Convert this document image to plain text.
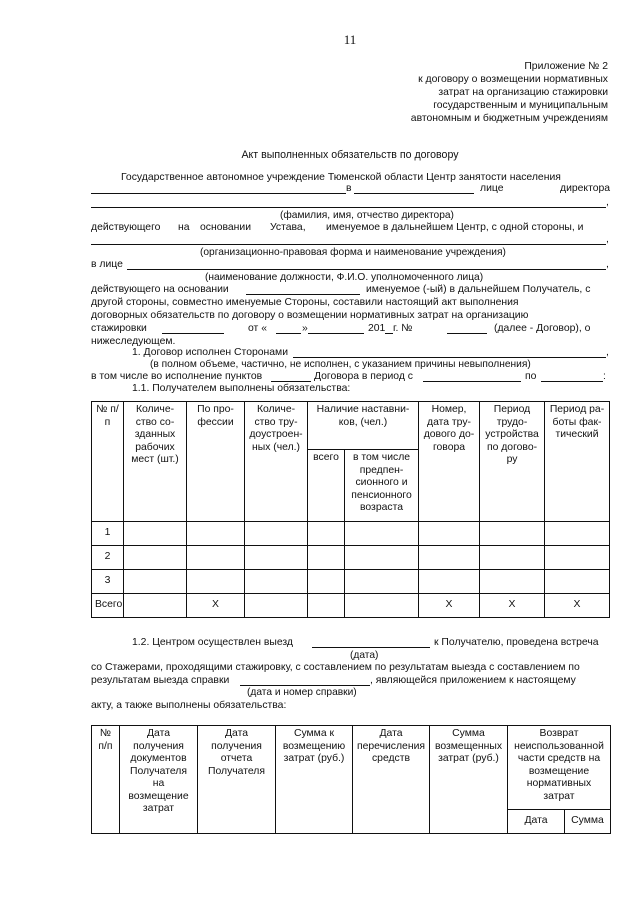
11
Приложение № 2
к договору о возмещении нормативных
затрат на организацию стажировки
государственным и муниципальным
автономным и бюджетным учреждениям
Акт выполненных обязательств по договору
Государственное автономное учреждение Тюменской области Центр занятости населения
в	лице	директора
,
(фамилия, имя, отчество директора)
действующего на основании Устава, именуемое в дальнейшем Центр, с одной стороны, и
,
(организационно-правовая форма и наименование учреждения)
в лице	,
(наименование должности, Ф.И.О. уполномоченного лица)
действующего на основании	именуемое (-ый) в дальнейшем Получатель, с
другой стороны, совместно именуемые Стороны, составили настоящий акт выполнения
договорных обязательств по договору о возмещении нормативных затрат на организацию
стажировки	от «	»	201 г. №	(далее - Договор), о
нижеследующем.
1. Договор исполнен Сторонами	,
(в полном объеме, частично, не исполнен, с указанием причины невыполнения)
в том числе во исполнение пунктов	Договора в период с	по	:
1.1. Получателем выполнены обязательства:
№ п/п	Количе-ство со-зданных рабочих мест (шт.)	По про-фессии	Количе-ство тру-доустроен-ных (чел.)	Наличие наставни-ков, (чел.)		Номер, дата тру-дового до-говора	Период трудо-устройства по догово-ру	Период ра-боты фак-тический
				всего	в том числе предпен-сионного и пенсионного возраста			
1								
2								
3								
Всего		X				X	X	X
1.2. Центром осуществлен выезд	к Получателю, проведена встреча
(дата)
со Стажерами, проходящими стажировку, с составлением по результатам выезда с составлением по
результатам выезда справки	, являющейся приложением к настоящему
(дата и номер справки)
акту, а также выполнены обязательства:
№ п/п	Дата получения документов Получателя на возмещение затрат	Дата получения отчета Получателя	Сумма к возмещению затрат (руб.)	Дата перечисления средств	Сумма возмещенных затрат (руб.)	Возврат неиспользованной части средств на возмещение нормативных затрат	
						Дата	Сумма
